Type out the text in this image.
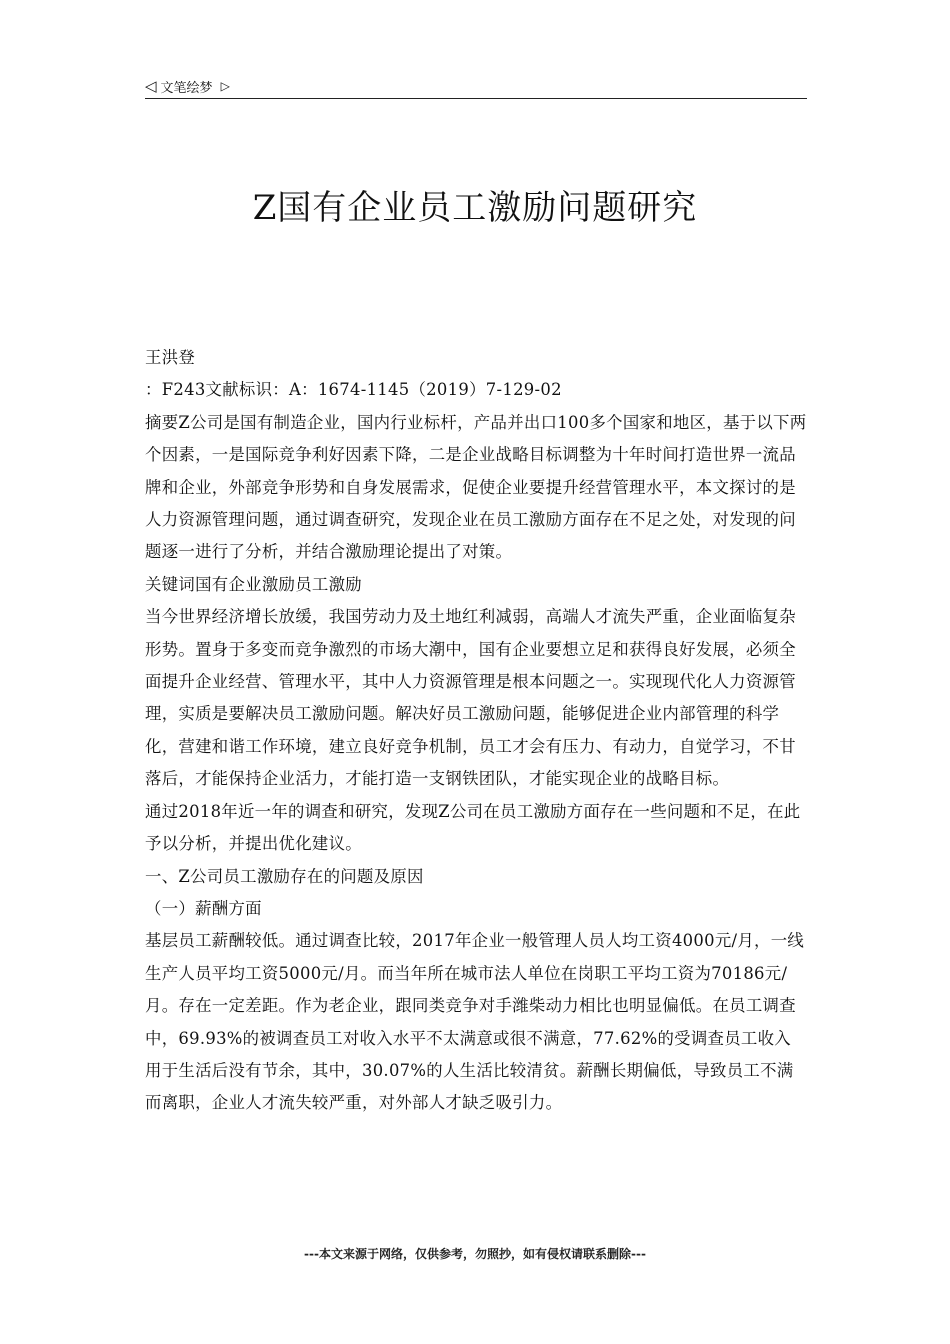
◁ 文笔绘梦 ▷
Z国有企业员工激励问题研究

王洪登

：F243文献标识：A：1674-1145（2019）7-129-02

摘要Z公司是国有制造企业，国内行业标杆，产品并出口100多个国家和地区，基于以下两个因素，一是国际竞争利好因素下降，二是企业战略目标调整为十年时间打造世界一流品牌和企业，外部竞争形势和自身发展需求，促使企业要提升经营管理水平，本文探讨的是人力资源管理问题，通过调查研究，发现企业在员工激励方面存在不足之处，对发现的问题逐一进行了分析，并结合激励理论提出了对策。

关键词国有企业激励员工激励

当今世界经济增长放缓，我国劳动力及土地红利减弱，高端人才流失严重，企业面临复杂形势。置身于多变而竞争激烈的市场大潮中，国有企业要想立足和获得良好发展，必须全面提升企业经营、管理水平，其中人力资源管理是根本问题之一。实现现代化人力资源管理，实质是要解决员工激励问题。解决好员工激励问题，能够促进企业内部管理的科学化，营建和谐工作环境，建立良好竞争机制，员工才会有压力、有动力，自觉学习，不甘落后，才能保持企业活力，才能打造一支钢铁团队，才能实现企业的战略目标。

通过2018年近一年的调查和研究，发现Z公司在员工激励方面存在一些问题和不足，在此予以分析，并提出优化建议。

一、Z公司员工激励存在的问题及原因

（一）薪酬方面

基层员工薪酬较低。通过调查比较，2017年企业一般管理人员人均工资4000元/月，一线生产人员平均工资5000元/月。而当年所在城市法人单位在岗职工平均工资为70186元/月。存在一定差距。作为老企业，跟同类竞争对手潍柴动力相比也明显偏低。在员工调查中，69.93%的被调查员工对收入水平不太满意或很不满意，77.62%的受调查员工收入用于生活后没有节余，其中，30.07%的人生活比较清贫。薪酬长期偏低，导致员工不满而离职，企业人才流失较严重，对外部人才缺乏吸引力。

---本文来源于网络，仅供参考，勿照抄，如有侵权请联系删除---
